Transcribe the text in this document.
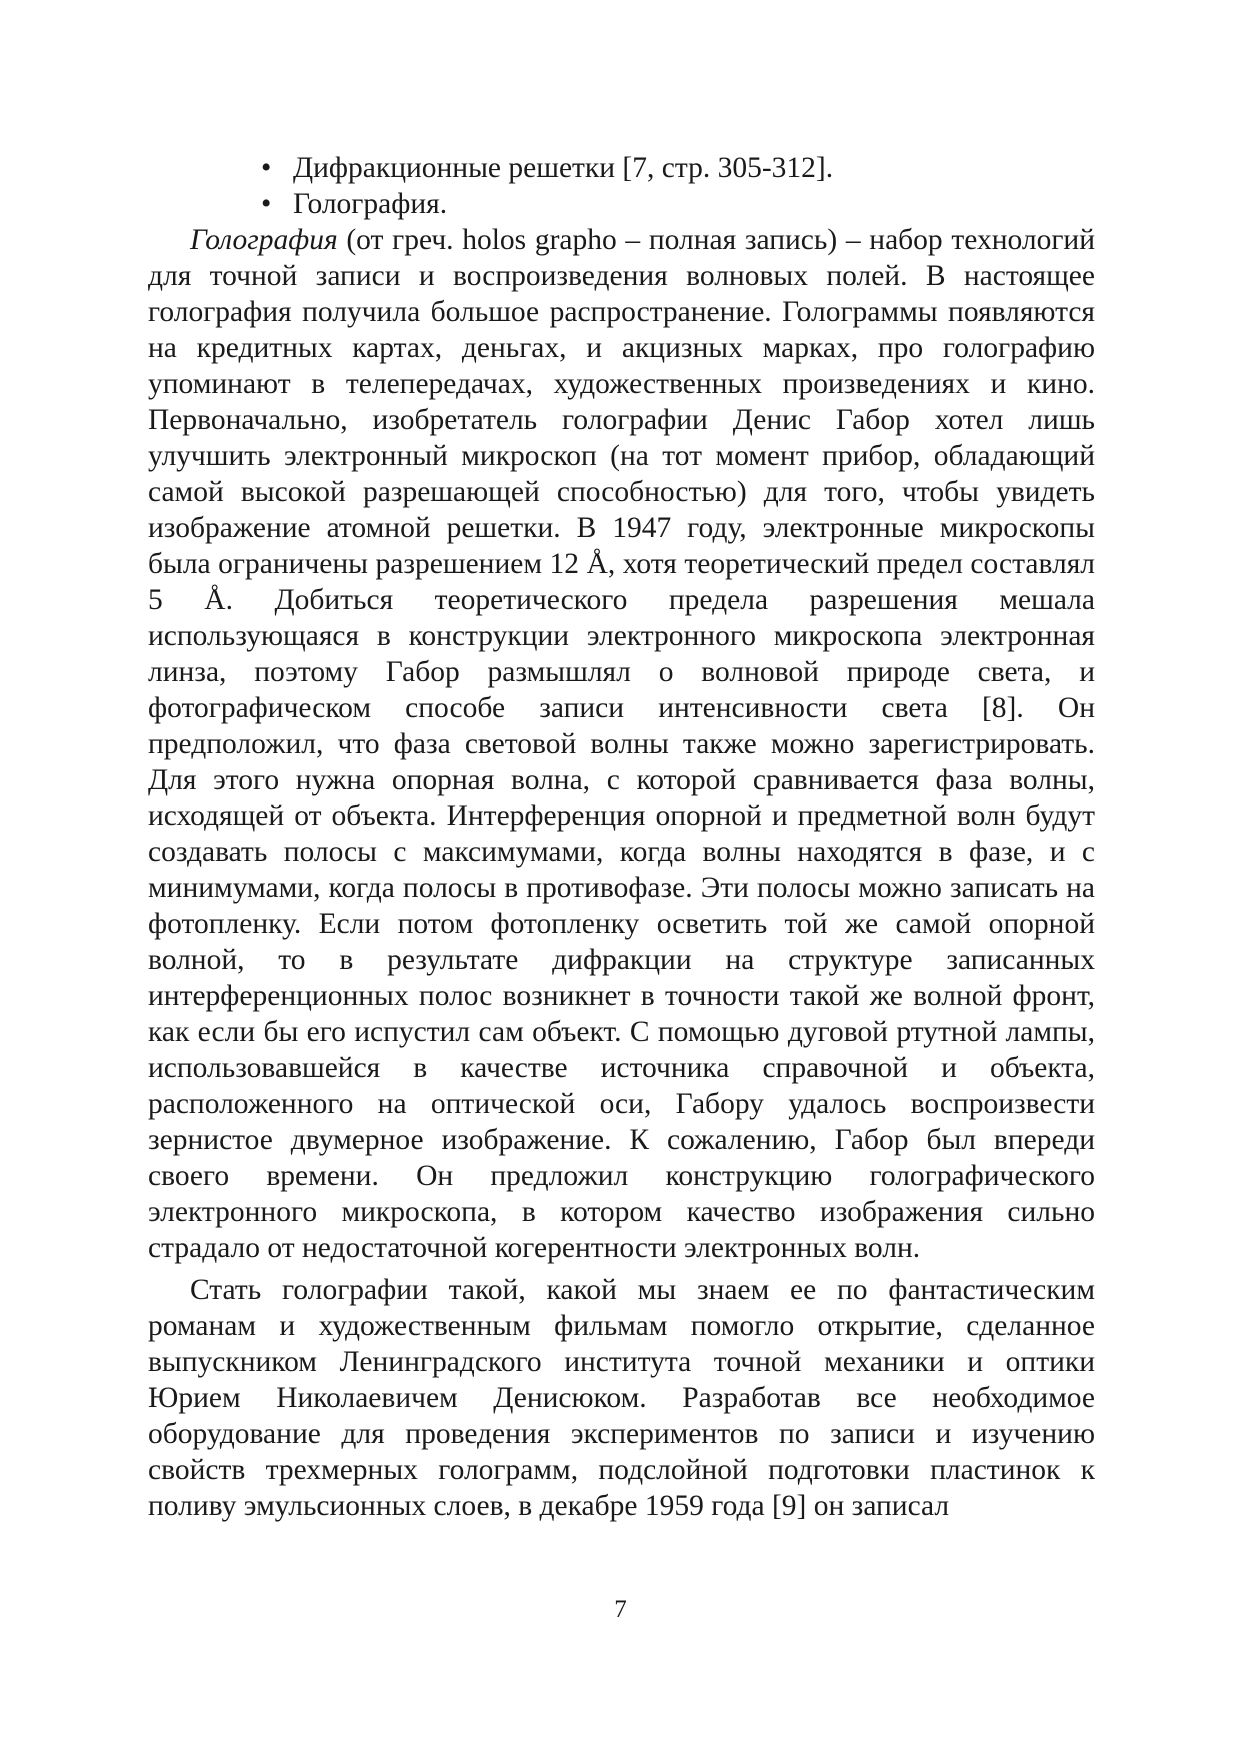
• Дифракционные решетки [7, стр. 305-312].
• Голография.

Голография (от греч. holos grapho – полная запись) – набор технологий для точной записи и воспроизведения волновых полей. В настоящее голография получила большое распространение. Голограммы появляются на кредитных картах, деньгах, и акцизных марках, про голографию упоминают в телепередачах, художественных произведениях и кино. Первоначально, изобретатель голографии Денис Габор хотел лишь улучшить электронный микроскоп (на тот момент прибор, обладающий самой высокой разрешающей способностью) для того, чтобы увидеть изображение атомной решетки. В 1947 году, электронные микроскопы была ограничены разрешением 12 Å, хотя теоретический предел составлял 5 Å. Добиться теоретического предела разрешения мешала использующаяся в конструкции электронного микроскопа электронная линза, поэтому Габор размышлял о волновой природе света, и фотографическом способе записи интенсивности света [8]. Он предположил, что фаза световой волны также можно зарегистрировать. Для этого нужна опорная волна, с которой сравнивается фаза волны, исходящей от объекта. Интерференция опорной и предметной волн будут создавать полосы с максимумами, когда волны находятся в фазе, и с минимумами, когда полосы в противофазе. Эти полосы можно записать на фотопленку. Если потом фотопленку осветить той же самой опорной волной, то в результате дифракции на структуре записанных интерференционных полос возникнет в точности такой же волной фронт, как если бы его испустил сам объект. С помощью дуговой ртутной лампы, использовавшейся в качестве источника справочной и объекта, расположенного на оптической оси, Габору удалось воспроизвести зернистое двумерное изображение. К сожалению, Габор был впереди своего времени. Он предложил конструкцию голографического электронного микроскопа, в котором качество изображения сильно страдало от недостаточной когерентности электронных волн.

Стать голографии такой, какой мы знаем ее по фантастическим романам и художественным фильмам помогло открытие, сделанное выпускником Ленинградского института точной механики и оптики Юрием Николаевичем Денисюком. Разработав все необходимое оборудование для проведения экспериментов по записи и изучению свойств трехмерных голограмм, подслойной подготовки пластинок к поливу эмульсионных слоев, в декабре 1959 года [9] он записал

7
